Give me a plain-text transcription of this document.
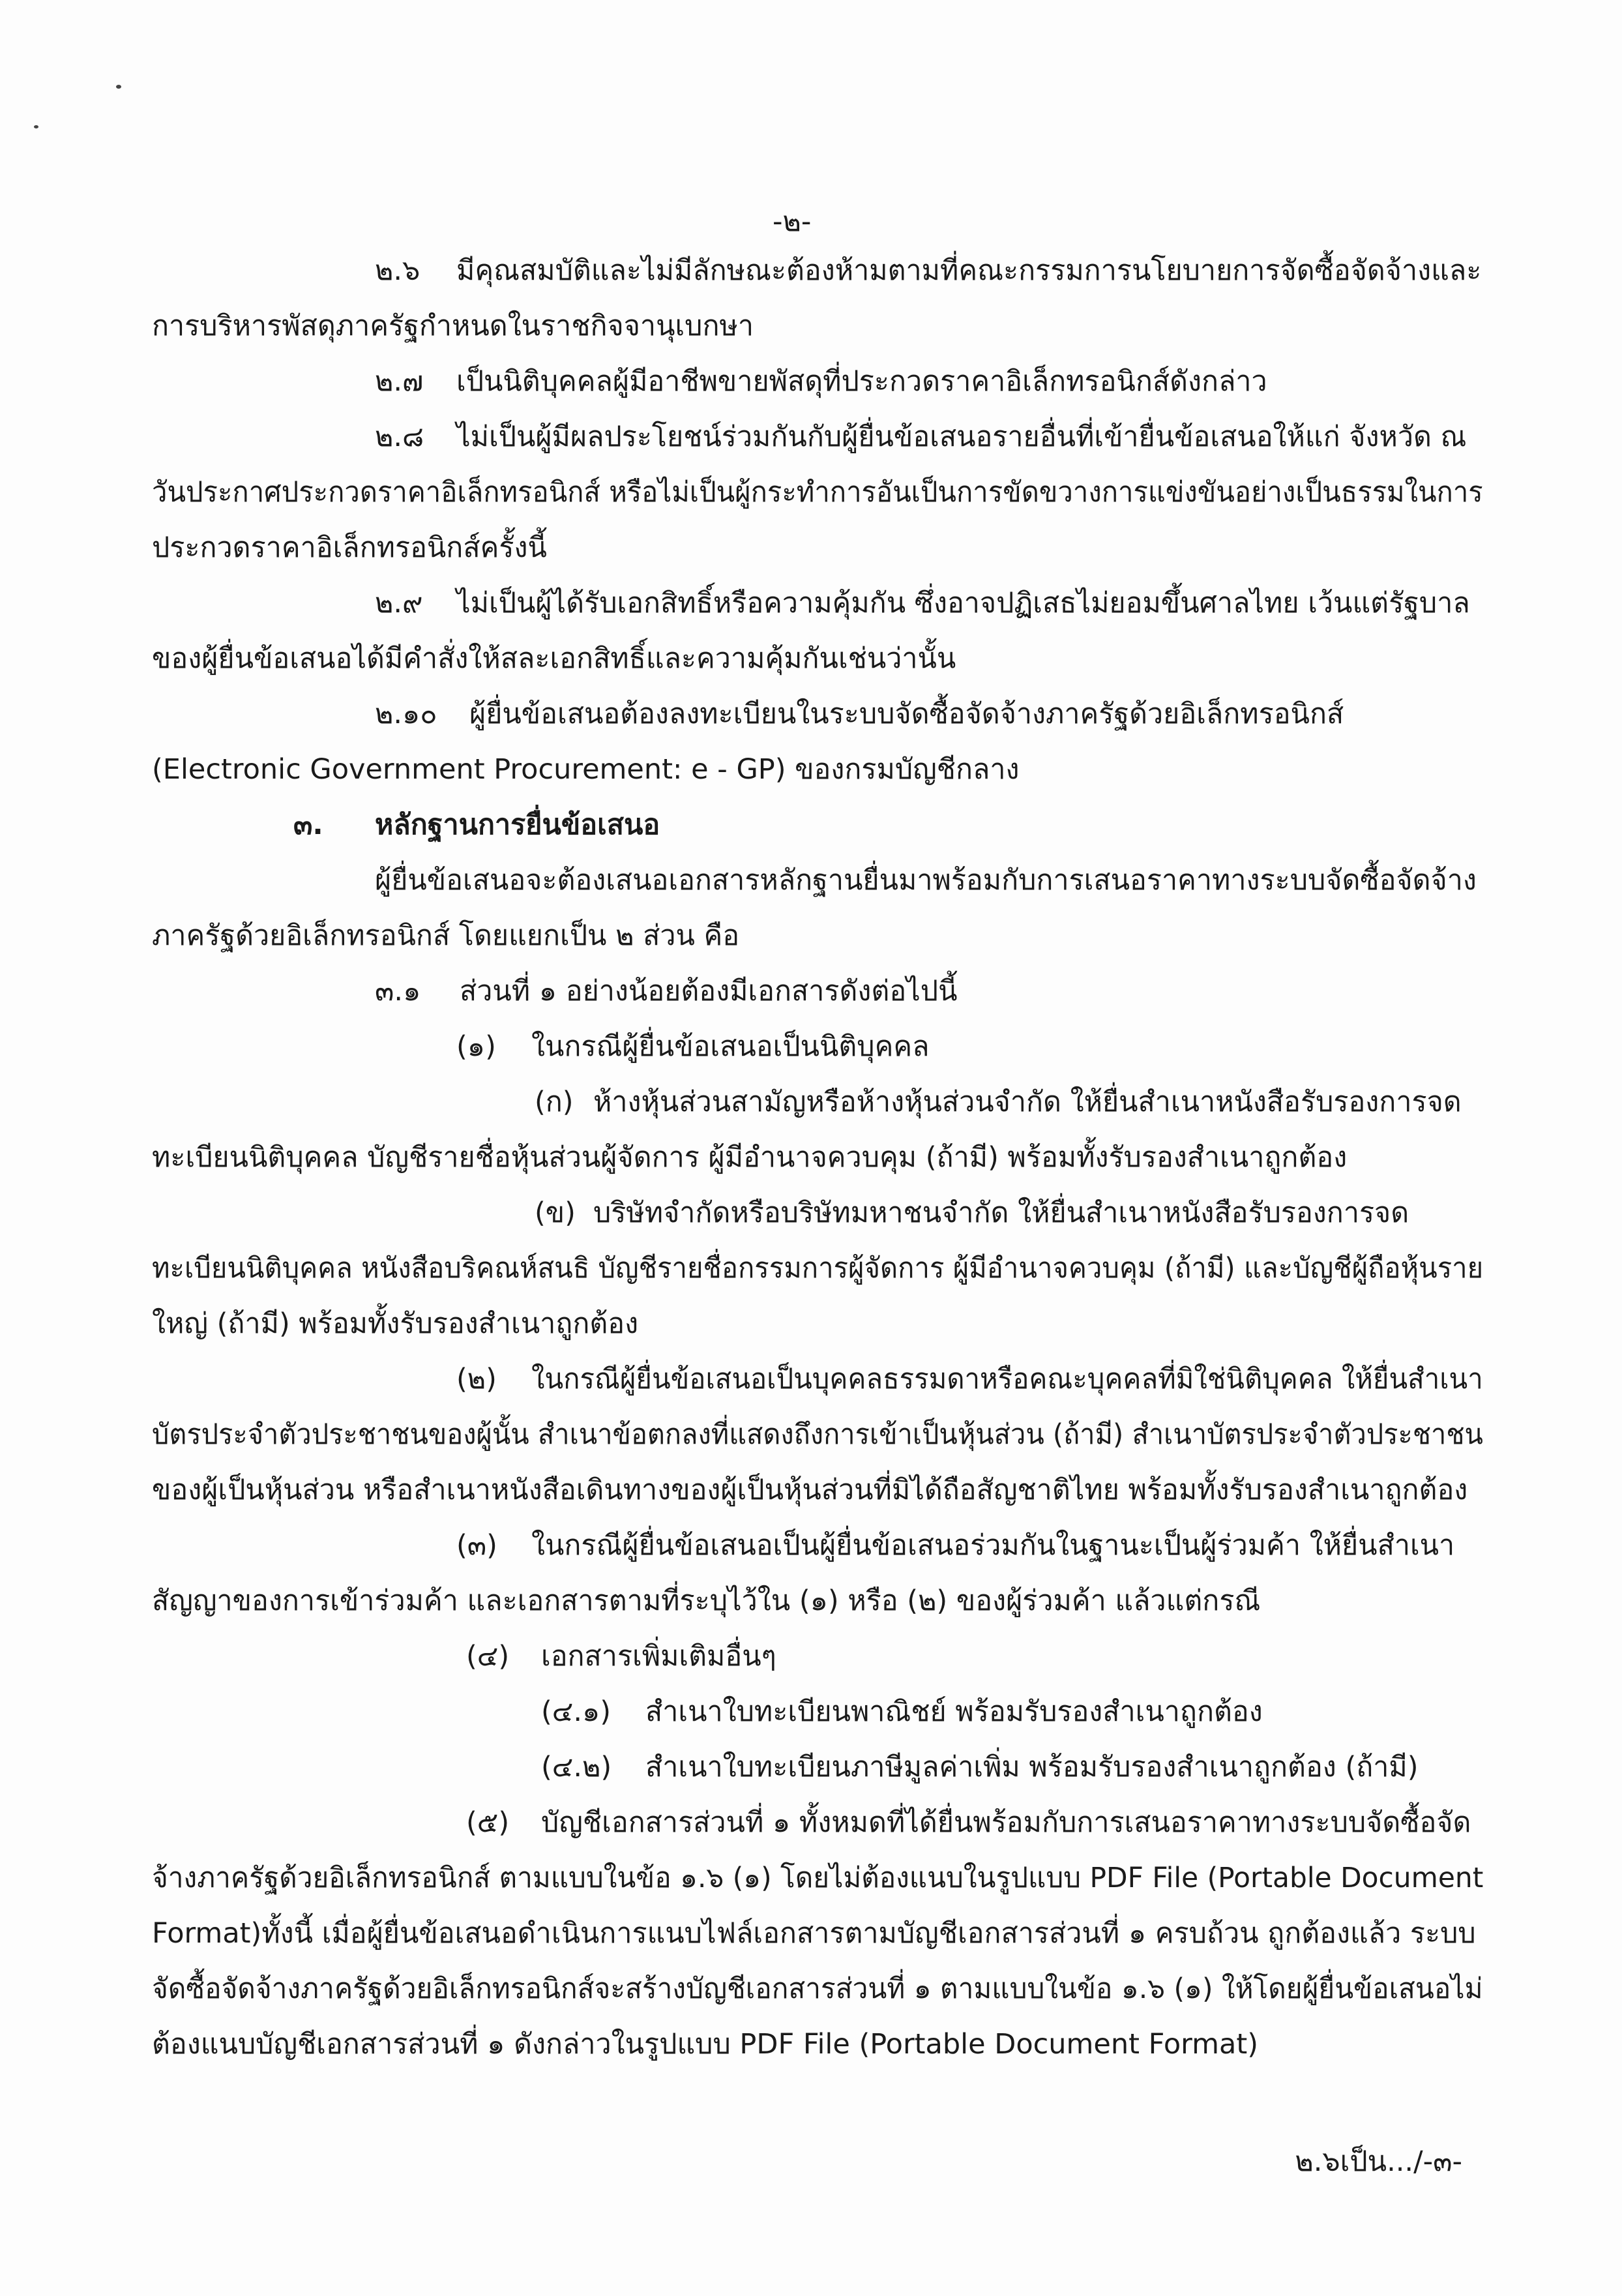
-๒-
๒.๖ มีคุณสมบัติและไม่มีลักษณะต้องห้ามตามที่คณะกรรมการนโยบายการจัดซื้อจัดจ้างและ
การบริหารพัสดุภาครัฐกำหนดในราชกิจจานุเบกษา
๒.๗ เป็นนิติบุคคลผู้มีอาชีพขายพัสดุที่ประกวดราคาอิเล็กทรอนิกส์ดังกล่าว
๒.๘ ไม่เป็นผู้มีผลประโยชน์ร่วมกันกับผู้ยื่นข้อเสนอรายอื่นที่เข้ายื่นข้อเสนอให้แก่ จังหวัด ณ
วันประกาศประกวดราคาอิเล็กทรอนิกส์ หรือไม่เป็นผู้กระทำการอันเป็นการขัดขวางการแข่งขันอย่างเป็นธรรมในการ
ประกวดราคาอิเล็กทรอนิกส์ครั้งนี้
๒.๙ ไม่เป็นผู้ได้รับเอกสิทธิ์หรือความคุ้มกัน ซึ่งอาจปฏิเสธไม่ยอมขึ้นศาลไทย เว้นแต่รัฐบาล
ของผู้ยื่นข้อเสนอได้มีคำสั่งให้สละเอกสิทธิ์และความคุ้มกันเช่นว่านั้น
๒.๑๐ ผู้ยื่นข้อเสนอต้องลงทะเบียนในระบบจัดซื้อจัดจ้างภาครัฐด้วยอิเล็กทรอนิกส์
(Electronic Government Procurement: e - GP) ของกรมบัญชีกลาง
๓. หลักฐานการยื่นข้อเสนอ
ผู้ยื่นข้อเสนอจะต้องเสนอเอกสารหลักฐานยื่นมาพร้อมกับการเสนอราคาทางระบบจัดซื้อจัดจ้าง
ภาครัฐด้วยอิเล็กทรอนิกส์ โดยแยกเป็น ๒ ส่วน คือ
๓.๑ ส่วนที่ ๑ อย่างน้อยต้องมีเอกสารดังต่อไปนี้
(๑) ในกรณีผู้ยื่นข้อเสนอเป็นนิติบุคคล
(ก) ห้างหุ้นส่วนสามัญหรือห้างหุ้นส่วนจำกัด ให้ยื่นสำเนาหนังสือรับรองการจด
ทะเบียนนิติบุคคล บัญชีรายชื่อหุ้นส่วนผู้จัดการ ผู้มีอำนาจควบคุม (ถ้ามี) พร้อมทั้งรับรองสำเนาถูกต้อง
(ข) บริษัทจำกัดหรือบริษัทมหาชนจำกัด ให้ยื่นสำเนาหนังสือรับรองการจด
ทะเบียนนิติบุคคล หนังสือบริคณห์สนธิ บัญชีรายชื่อกรรมการผู้จัดการ ผู้มีอำนาจควบคุม (ถ้ามี) และบัญชีผู้ถือหุ้นราย
ใหญ่ (ถ้ามี) พร้อมทั้งรับรองสำเนาถูกต้อง
(๒) ในกรณีผู้ยื่นข้อเสนอเป็นบุคคลธรรมดาหรือคณะบุคคลที่มิใช่นิติบุคคล ให้ยื่นสำเนา
บัตรประจำตัวประชาชนของผู้นั้น สำเนาข้อตกลงที่แสดงถึงการเข้าเป็นหุ้นส่วน (ถ้ามี) สำเนาบัตรประจำตัวประชาชน
ของผู้เป็นหุ้นส่วน หรือสำเนาหนังสือเดินทางของผู้เป็นหุ้นส่วนที่มิได้ถือสัญชาติไทย พร้อมทั้งรับรองสำเนาถูกต้อง
(๓) ในกรณีผู้ยื่นข้อเสนอเป็นผู้ยื่นข้อเสนอร่วมกันในฐานะเป็นผู้ร่วมค้า ให้ยื่นสำเนา
สัญญาของการเข้าร่วมค้า และเอกสารตามที่ระบุไว้ใน (๑) หรือ (๒) ของผู้ร่วมค้า แล้วแต่กรณี
(๔) เอกสารเพิ่มเติมอื่นๆ
(๔.๑) สำเนาใบทะเบียนพาณิชย์ พร้อมรับรองสำเนาถูกต้อง
(๔.๒) สำเนาใบทะเบียนภาษีมูลค่าเพิ่ม พร้อมรับรองสำเนาถูกต้อง (ถ้ามี)
(๕) บัญชีเอกสารส่วนที่ ๑ ทั้งหมดที่ได้ยื่นพร้อมกับการเสนอราคาทางระบบจัดซื้อจัด
จ้างภาครัฐด้วยอิเล็กทรอนิกส์ ตามแบบในข้อ ๑.๖ (๑) โดยไม่ต้องแนบในรูปแบบ PDF File (Portable Document
Format)ทั้งนี้ เมื่อผู้ยื่นข้อเสนอดำเนินการแนบไฟล์เอกสารตามบัญชีเอกสารส่วนที่ ๑ ครบถ้วน ถูกต้องแล้ว ระบบ
จัดซื้อจัดจ้างภาครัฐด้วยอิเล็กทรอนิกส์จะสร้างบัญชีเอกสารส่วนที่ ๑ ตามแบบในข้อ ๑.๖ (๑) ให้โดยผู้ยื่นข้อเสนอไม่
ต้องแนบบัญชีเอกสารส่วนที่ ๑ ดังกล่าวในรูปแบบ PDF File (Portable Document Format)
๒.๖เป็น.../-๓-
